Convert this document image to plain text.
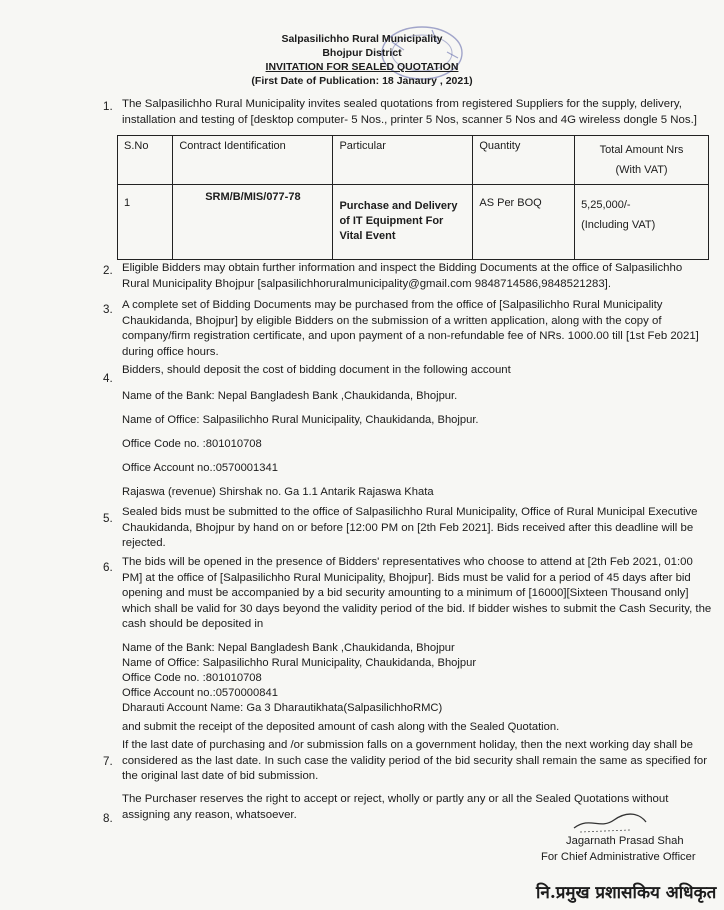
Salpasilichho Rural Municipality
Bhojpur District
INVITATION FOR SEALED QUOTATION
(First Date of Publication: 18 Janaury , 2021)
1. The Salpasilichho Rural Municipality invites sealed quotations from registered Suppliers for the supply, delivery, installation and testing of [desktop computer- 5 Nos., printer 5 Nos, scanner 5 Nos and 4G wireless dongle 5 Nos.]
S.No	Contract Identification	Particular	Quantity	Total Amount Nrs
(With VAT)

1	SRM/B/MIS/077-78	Purchase and Delivery of IT Equipment For Vital Event	AS Per BOQ	5,25,000/-
(Including VAT)
2. Eligible Bidders may obtain further information and inspect the Bidding Documents at the office of Salpasilichho Rural Municipality Bhojpur [salpasilichhoruralmunicipality@gmail.com 9848714586,9848521283].
3. A complete set of Bidding Documents may be purchased from the office of [Salpasilichho Rural Municipality Chaukidanda, Bhojpur] by eligible Bidders on the submission of a written application, along with the copy of company/firm registration certificate, and upon payment of a non-refundable fee of NRs. 1000.00 till [1st Feb 2021] during office hours.
4.
Bidders, should deposit the cost of bidding document in the following account
Name of the Bank: Nepal Bangladesh Bank ,Chaukidanda, Bhojpur.
Name of Office: Salpasilichho Rural Municipality, Chaukidanda, Bhojpur.
Office Code no. :801010708
Office Account no.:0570001341
Rajaswa (revenue) Shirshak no. Ga 1.1 Antarik Rajaswa Khata
5. Sealed bids must be submitted to the office of Salpasilichho Rural Municipality, Office of Rural Municipal Executive Chaukidanda, Bhojpur by hand on or before [12:00 PM on [2th Feb 2021]. Bids received after this deadline will be rejected.
6. The bids will be opened in the presence of Bidders' representatives who choose to attend at [2th Feb 2021, 01:00 PM] at the office of [Salpasilichho Rural Municipality, Bhojpur]. Bids must be valid for a period of 45 days after bid opening and must be accompanied by a bid security amounting to a minimum of [16000][Sixteen Thousand only] which shall be valid for 30 days beyond the validity period of the bid. If bidder wishes to submit the Cash Security, the cash should be deposited in
Name of the Bank: Nepal Bangladesh Bank ,Chaukidanda, Bhojpur
Name of Office: Salpasilichho Rural Municipality, Chaukidanda, Bhojpur
Office Code no. :801010708
Office Account no.:0570000841
Dharauti Account Name: Ga 3 Dharautikhata(SalpasilichhoRMC)
and submit the receipt of the deposited amount of cash along with the Sealed Quotation.
7.
If the last date of purchasing and /or submission falls on a government holiday, then the next working day shall be considered as the last date. In such case the validity period of the bid security shall remain the same as specified for the original last date of bid submission.
8.
The Purchaser reserves the right to accept or reject, wholly or partly any or all the Sealed Quotations without assigning any reason, whatsoever.
Jagarnath Prasad Shah
For Chief Administrative Officer
नि.प्रमुख प्रशासकिय अधिकृत
